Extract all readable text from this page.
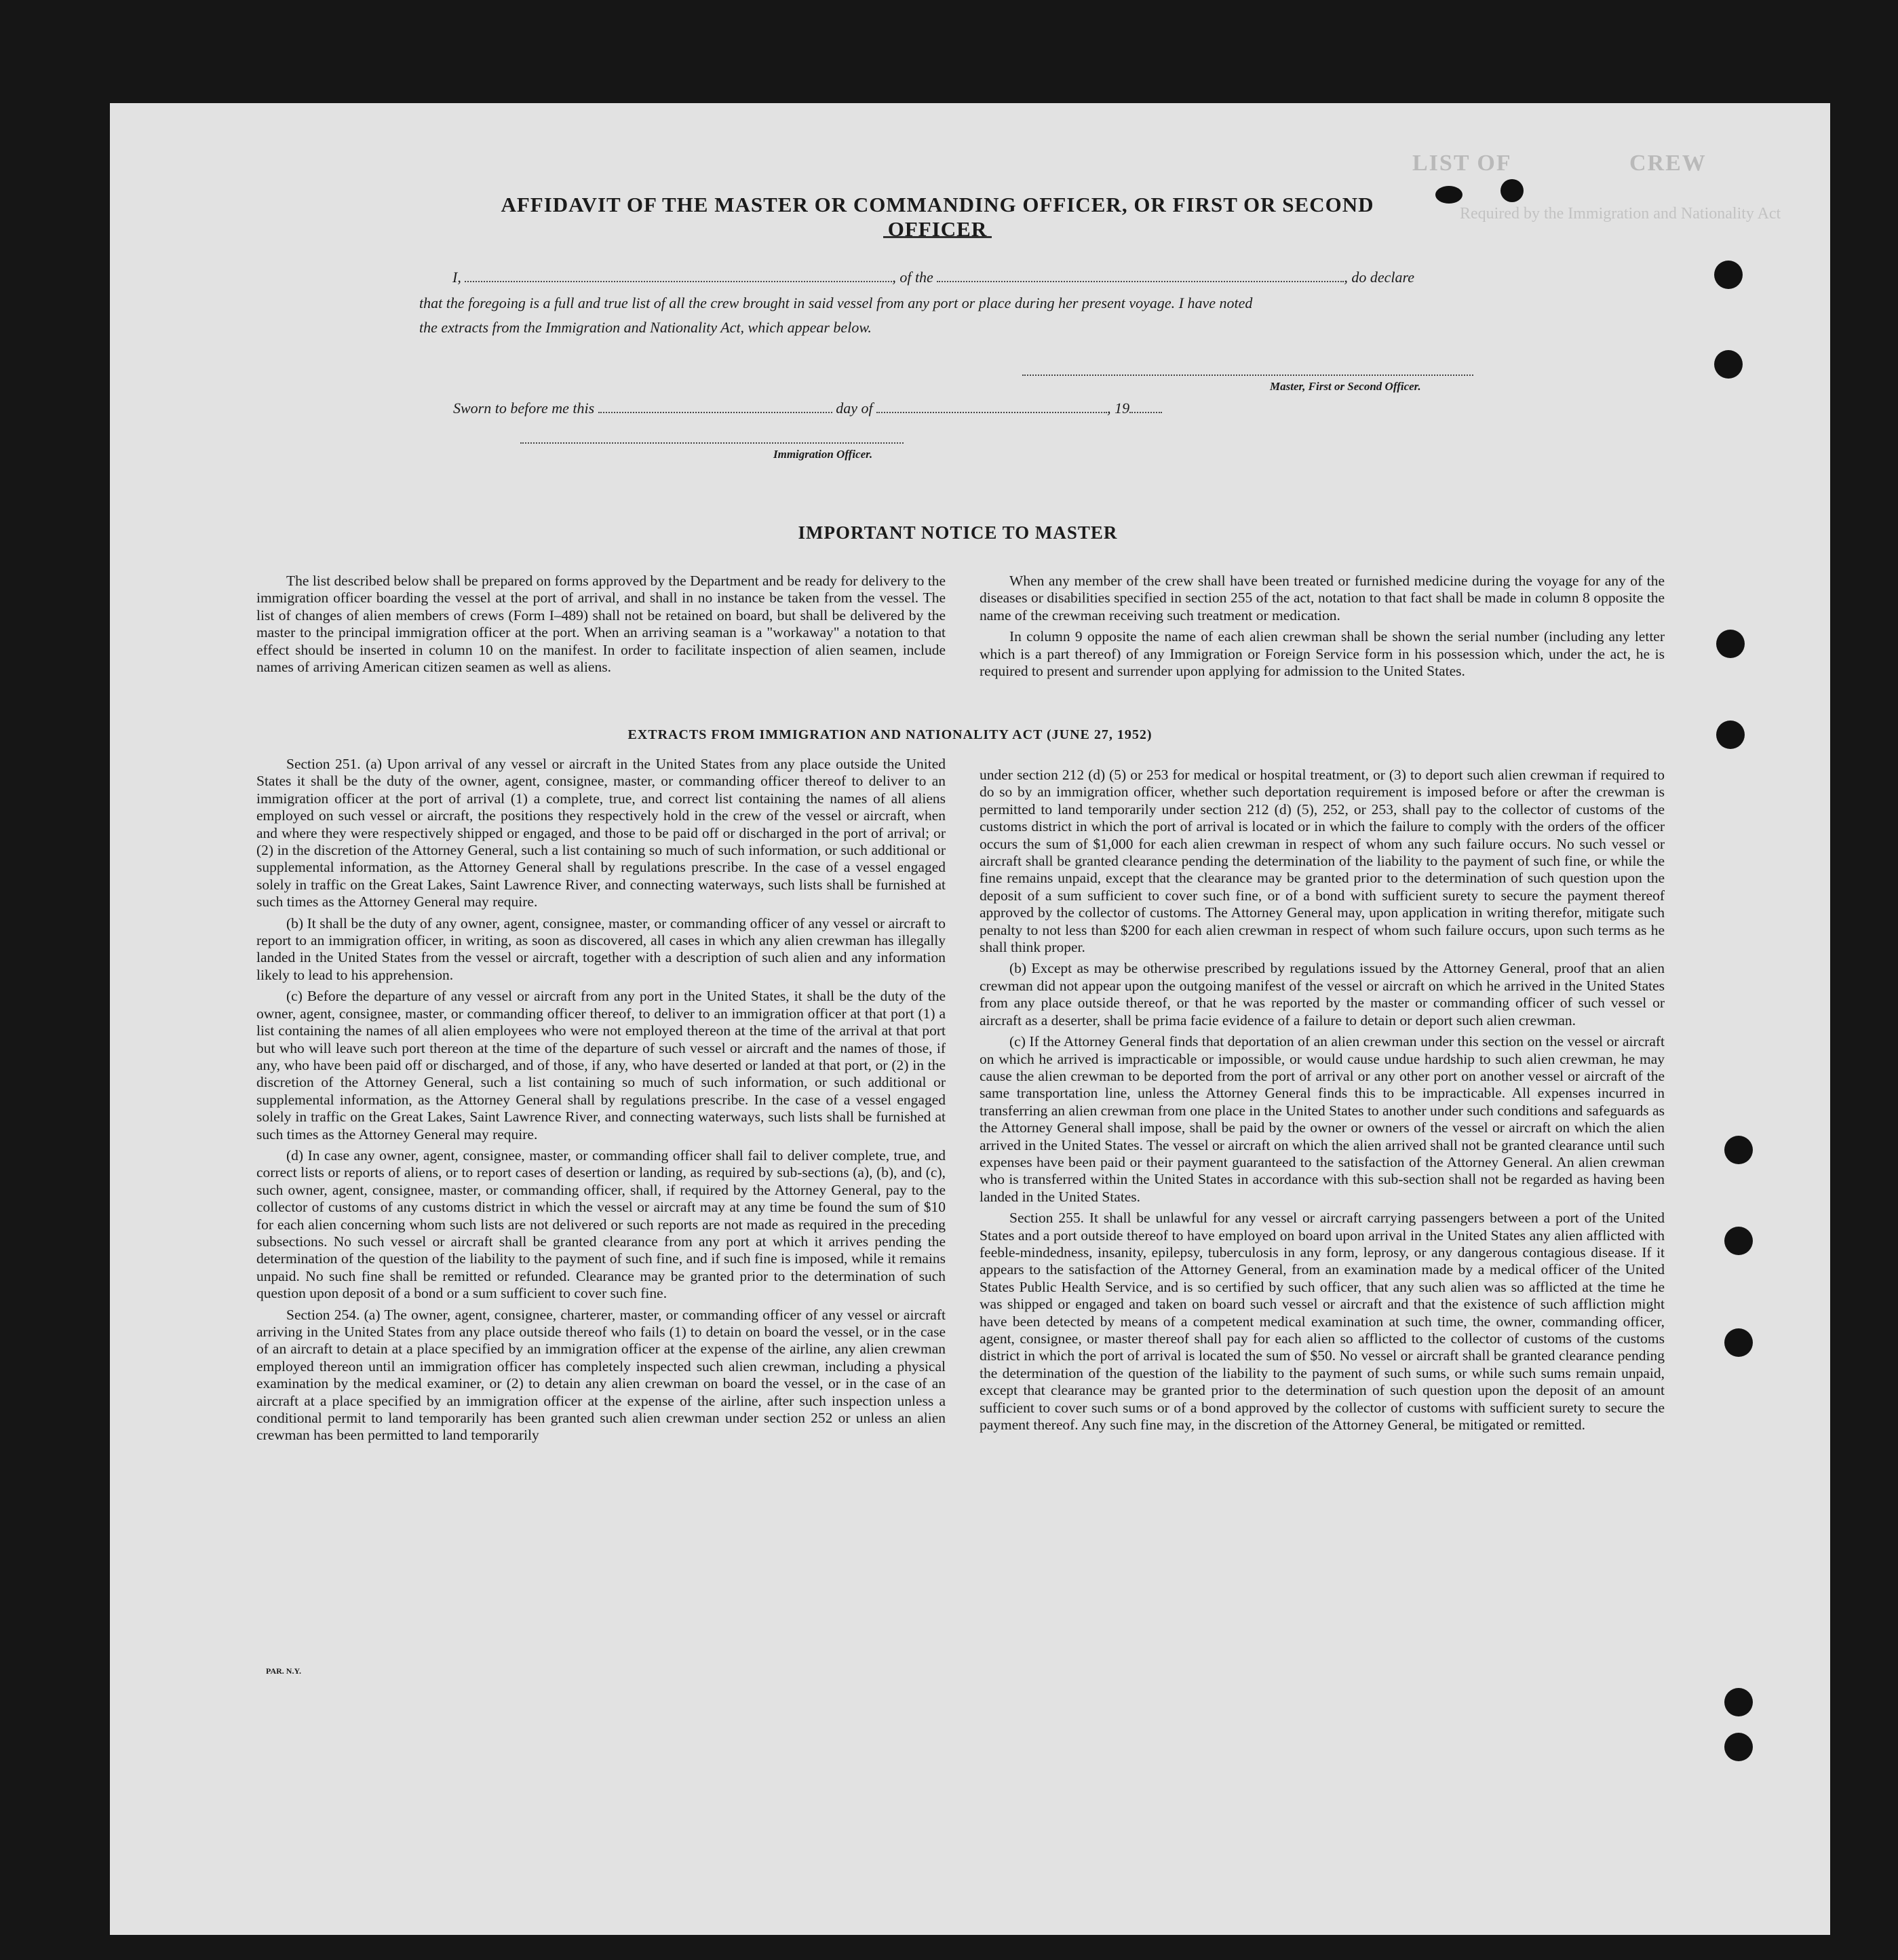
LIST OF	CREW
Required by the Immigration and Nationality Act
AFFIDAVIT OF THE MASTER OR COMMANDING OFFICER, OR FIRST OR SECOND OFFICER
I,	, of the	, do declare
that the foregoing is a full and true list of all the crew brought in said vessel from any port or place during her present voyage. I have noted
the extracts from the Immigration and Nationality Act, which appear below.
Master, First or Second Officer.
Sworn to before me this	day of	, 19
Immigration Officer.
IMPORTANT NOTICE TO MASTER

The list described below shall be prepared on forms approved by the Department and be ready for delivery to the immigration officer boarding the vessel at the port of arrival, and shall in no instance be taken from the vessel. The list of changes of alien members of crews (Form I–489) shall not be retained on board, but shall be delivered by the master to the principal immigration officer at the port. When an arriving seaman is a "workaway" a notation to that effect should be inserted in column 10 on the manifest. In order to facilitate inspection of alien seamen, include names of arriving American citizen seamen as well as aliens.

When any member of the crew shall have been treated or furnished medicine during the voyage for any of the diseases or disabilities specified in section 255 of the act, notation to that fact shall be made in column 8 opposite the name of the crewman receiving such treatment or medication.

In column 9 opposite the name of each alien crewman shall be shown the serial number (including any letter which is a part thereof) of any Immigration or Foreign Service form in his possession which, under the act, he is required to present and surrender upon applying for admission to the United States.

EXTRACTS FROM IMMIGRATION AND NATIONALITY ACT (JUNE 27, 1952)

Section 251. (a) Upon arrival of any vessel or aircraft in the United States from any place outside the United States it shall be the duty of the owner, agent, consignee, master, or commanding officer thereof to deliver to an immigration officer at the port of arrival (1) a complete, true, and correct list containing the names of all aliens employed on such vessel or aircraft, the positions they respectively hold in the crew of the vessel or aircraft, when and where they were respectively shipped or engaged, and those to be paid off or discharged in the port of arrival; or (2) in the discretion of the Attorney General, such a list containing so much of such information, or such additional or supplemental information, as the Attorney General shall by regulations prescribe. In the case of a vessel engaged solely in traffic on the Great Lakes, Saint Lawrence River, and connecting waterways, such lists shall be furnished at such times as the Attorney General may require.

(b) It shall be the duty of any owner, agent, consignee, master, or commanding officer of any vessel or aircraft to report to an immigration officer, in writing, as soon as discovered, all cases in which any alien crewman has illegally landed in the United States from the vessel or aircraft, together with a description of such alien and any information likely to lead to his apprehension.

(c) Before the departure of any vessel or aircraft from any port in the United States, it shall be the duty of the owner, agent, consignee, master, or commanding officer thereof, to deliver to an immigration officer at that port (1) a list containing the names of all alien employees who were not employed thereon at the time of the arrival at that port but who will leave such port thereon at the time of the departure of such vessel or aircraft and the names of those, if any, who have been paid off or discharged, and of those, if any, who have deserted or landed at that port, or (2) in the discretion of the Attorney General, such a list containing so much of such information, or such additional or supplemental information, as the Attorney General shall by regulations prescribe. In the case of a vessel engaged solely in traffic on the Great Lakes, Saint Lawrence River, and connecting waterways, such lists shall be furnished at such times as the Attorney General may require.

(d) In case any owner, agent, consignee, master, or commanding officer shall fail to deliver complete, true, and correct lists or reports of aliens, or to report cases of desertion or landing, as required by sub-sections (a), (b), and (c), such owner, agent, consignee, master, or commanding officer, shall, if required by the Attorney General, pay to the collector of customs of any customs district in which the vessel or aircraft may at any time be found the sum of $10 for each alien concerning whom such lists are not delivered or such reports are not made as required in the preceding subsections. No such vessel or aircraft shall be granted clearance from any port at which it arrives pending the determination of the question of the liability to the payment of such fine, and if such fine is imposed, while it remains unpaid. No such fine shall be remitted or refunded. Clearance may be granted prior to the determination of such question upon deposit of a bond or a sum sufficient to cover such fine.

Section 254. (a) The owner, agent, consignee, charterer, master, or commanding officer of any vessel or aircraft arriving in the United States from any place outside thereof who fails (1) to detain on board the vessel, or in the case of an aircraft to detain at a place specified by an immigration officer at the expense of the airline, any alien crewman employed thereon until an immigration officer has completely inspected such alien crewman, including a physical examination by the medical examiner, or (2) to detain any alien crewman on board the vessel, or in the case of an aircraft at a place specified by an immigration officer at the expense of the airline, after such inspection unless a conditional permit to land temporarily has been granted such alien crewman under section 252 or unless an alien crewman has been permitted to land temporarily

under section 212 (d) (5) or 253 for medical or hospital treatment, or (3) to deport such alien crewman if required to do so by an immigration officer, whether such deportation requirement is imposed before or after the crewman is permitted to land temporarily under section 212 (d) (5), 252, or 253, shall pay to the collector of customs of the customs district in which the port of arrival is located or in which the failure to comply with the orders of the officer occurs the sum of $1,000 for each alien crewman in respect of whom any such failure occurs. No such vessel or aircraft shall be granted clearance pending the determination of the liability to the payment of such fine, or while the fine remains unpaid, except that the clearance may be granted prior to the determination of such question upon the deposit of a sum sufficient to cover such fine, or of a bond with sufficient surety to secure the payment thereof approved by the collector of customs. The Attorney General may, upon application in writing therefor, mitigate such penalty to not less than $200 for each alien crewman in respect of whom such failure occurs, upon such terms as he shall think proper.

(b) Except as may be otherwise prescribed by regulations issued by the Attorney General, proof that an alien crewman did not appear upon the outgoing manifest of the vessel or aircraft on which he arrived in the United States from any place outside thereof, or that he was reported by the master or commanding officer of such vessel or aircraft as a deserter, shall be prima facie evidence of a failure to detain or deport such alien crewman.

(c) If the Attorney General finds that deportation of an alien crewman under this section on the vessel or aircraft on which he arrived is impracticable or impossible, or would cause undue hardship to such alien crewman, he may cause the alien crewman to be deported from the port of arrival or any other port on another vessel or aircraft of the same transportation line, unless the Attorney General finds this to be impracticable. All expenses incurred in transferring an alien crewman from one place in the United States to another under such conditions and safeguards as the Attorney General shall impose, shall be paid by the owner or owners of the vessel or aircraft on which the alien arrived in the United States. The vessel or aircraft on which the alien arrived shall not be granted clearance until such expenses have been paid or their payment guaranteed to the satisfaction of the Attorney General. An alien crewman who is transferred within the United States in accordance with this sub-section shall not be regarded as having been landed in the United States.

Section 255. It shall be unlawful for any vessel or aircraft carrying passengers between a port of the United States and a port outside thereof to have employed on board upon arrival in the United States any alien afflicted with feeble-mindedness, insanity, epilepsy, tuberculosis in any form, leprosy, or any dangerous contagious disease. If it appears to the satisfaction of the Attorney General, from an examination made by a medical officer of the United States Public Health Service, and is so certified by such officer, that any such alien was so afflicted at the time he was shipped or engaged and taken on board such vessel or aircraft and that the existence of such affliction might have been detected by means of a competent medical examination at such time, the owner, commanding officer, agent, consignee, or master thereof shall pay for each alien so afflicted to the collector of customs of the customs district in which the port of arrival is located the sum of $50. No vessel or aircraft shall be granted clearance pending the determination of the question of the liability to the payment of such sums, or while such sums remain unpaid, except that clearance may be granted prior to the determination of such question upon the deposit of an amount sufficient to cover such sums or of a bond approved by the collector of customs with sufficient surety to secure the payment thereof. Any such fine may, in the discretion of the Attorney General, be mitigated or remitted.

PAR. N.Y.
